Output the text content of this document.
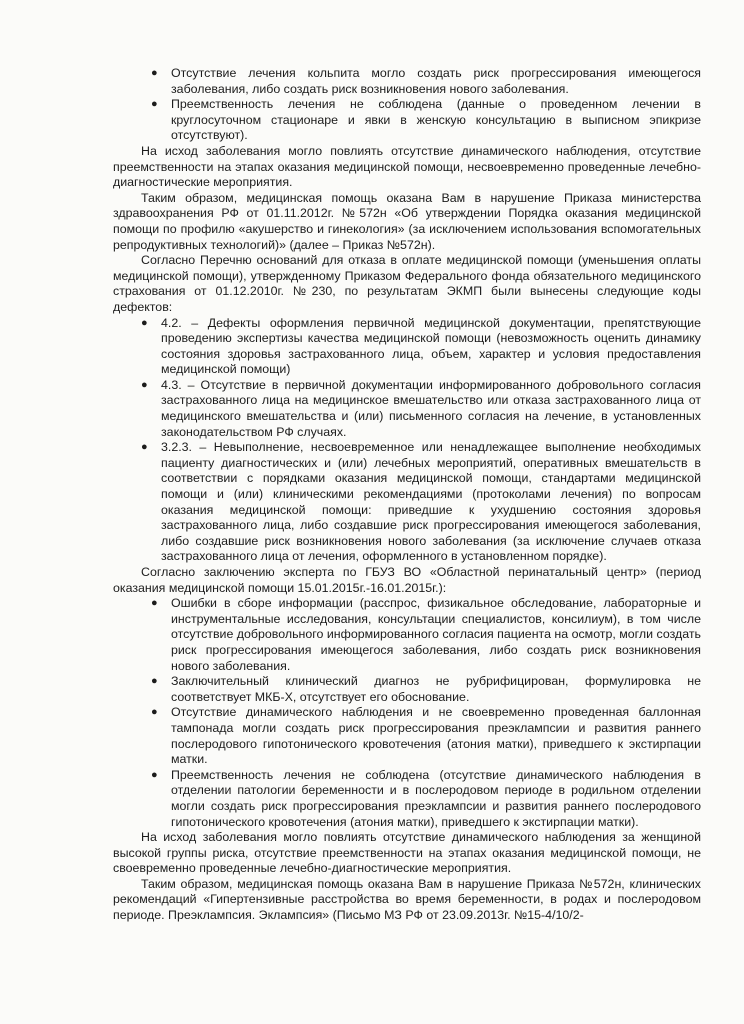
● Отсутствие лечения кольпита могло создать риск прогрессирования имеющегося заболевания, либо создать риск возникновения нового заболевания.
● Преемственность лечения не соблюдена (данные о проведенном лечении в круглосуточном стационаре и явки в женскую консультацию в выписном эпикризе отсутствуют).

На исход заболевания могло повлиять отсутствие динамического наблюдения, отсутствие преемственности на этапах оказания медицинской помощи, несвоевременно проведенные лечебно-диагностические мероприятия.

Таким образом, медицинская помощь оказана Вам в нарушение Приказа министерства здравоохранения РФ от 01.11.2012г. №572н «Об утверждении Порядка оказания медицинской помощи по профилю «акушерство и гинекология» (за исключением использования вспомогательных репродуктивных технологий)» (далее – Приказ №572н).

Согласно Перечню оснований для отказа в оплате медицинской помощи (уменьшения оплаты медицинской помощи), утвержденному Приказом Федерального фонда обязательного медицинского страхования от 01.12.2010г. №230, по результатам ЭКМП были вынесены следующие коды дефектов:

● 4.2. – Дефекты оформления первичной медицинской документации, препятствующие проведению экспертизы качества медицинской помощи (невозможность оценить динамику состояния здоровья застрахованного лица, объем, характер и условия предоставления медицинской помощи)
● 4.3. – Отсутствие в первичной документации информированного добровольного согласия застрахованного лица на медицинское вмешательство или отказа застрахованного лица от медицинского вмешательства и (или) письменного согласия на лечение, в установленных законодательством РФ случаях.
● 3.2.3. – Невыполнение, несвоевременное или ненадлежащее выполнение необходимых пациенту диагностических и (или) лечебных мероприятий, оперативных вмешательств в соответствии с порядками оказания медицинской помощи, стандартами медицинской помощи и (или) клиническими рекомендациями (протоколами лечения) по вопросам оказания медицинской помощи: приведшие к ухудшению состояния здоровья застрахованного лица, либо создавшие риск прогрессирования имеющегося заболевания, либо создавшие риск возникновения нового заболевания (за исключение случаев отказа застрахованного лица от лечения, оформленного в установленном порядке).

Согласно заключению эксперта по ГБУЗ ВО «Областной перинатальный центр» (период оказания медицинской помощи 15.01.2015г.-16.01.2015г.):

● Ошибки в сборе информации (расспрос, физикальное обследование, лабораторные и инструментальные исследования, консультации специалистов, консилиум), в том числе отсутствие добровольного информированного согласия пациента на осмотр, могли создать риск прогрессирования имеющегося заболевания, либо создать риск возникновения нового заболевания.
● Заключительный клинический диагноз не рубрифицирован, формулировка не соответствует МКБ-Х, отсутствует его обоснование.
● Отсутствие динамического наблюдения и не своевременно проведенная баллонная тампонада могли создать риск прогрессирования преэклампсии и развития раннего послеродового гипотонического кровотечения (атония матки), приведшего к экстирпации матки.
● Преемственность лечения не соблюдена (отсутствие динамического наблюдения в отделении патологии беременности и в послеродовом периоде в родильном отделении могли создать риск прогрессирования преэклампсии и развития раннего послеродового гипотонического кровотечения (атония матки), приведшего к экстирпации матки).

На исход заболевания могло повлиять отсутствие динамического наблюдения за женщиной высокой группы риска, отсутствие преемственности на этапах оказания медицинской помощи, не своевременно проведенные лечебно-диагностические мероприятия.

Таким образом, медицинская помощь оказана Вам в нарушение Приказа №572н, клинических рекомендаций «Гипертензивные расстройства во время беременности, в родах и послеродовом периоде. Преэклампсия. Эклампсия» (Письмо МЗ РФ от 23.09.2013г. №15-4/10/2-
